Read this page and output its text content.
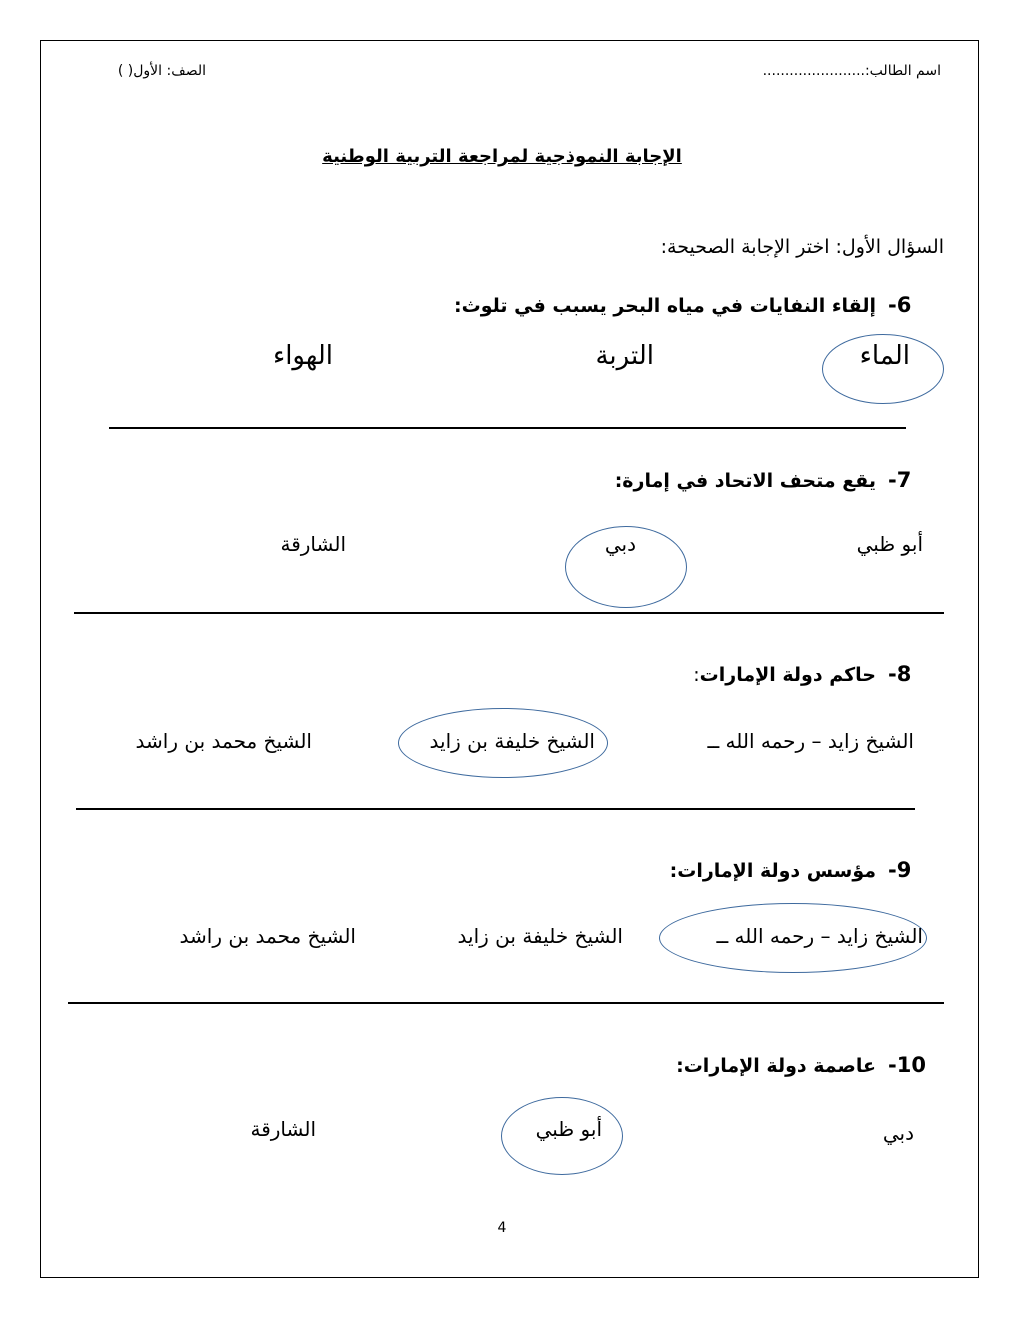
اسم الطالب:.......................
الصف: الأول( )
الإجابة النموذجية لمراجعة التربية الوطنية
السؤال الأول: اختر الإجابة الصحيحة:
6-إلقاء النفايات في مياه البحر يسبب في تلوث:
الماء
التربة
الهواء
7-يقع متحف الاتحاد في إمارة:
أبو ظبي
دبي
الشارقة
8-حاكم دولة الإمارات:
الشيخ زايد – رحمه الله ــ
الشيخ خليفة بن زايد
الشيخ محمد بن راشد
9-مؤسس دولة الإمارات:
الشيخ زايد – رحمه الله ــ
الشيخ خليفة بن زايد
الشيخ محمد بن راشد
10-عاصمة دولة الإمارات:
دبي
أبو ظبي
الشارقة
4
